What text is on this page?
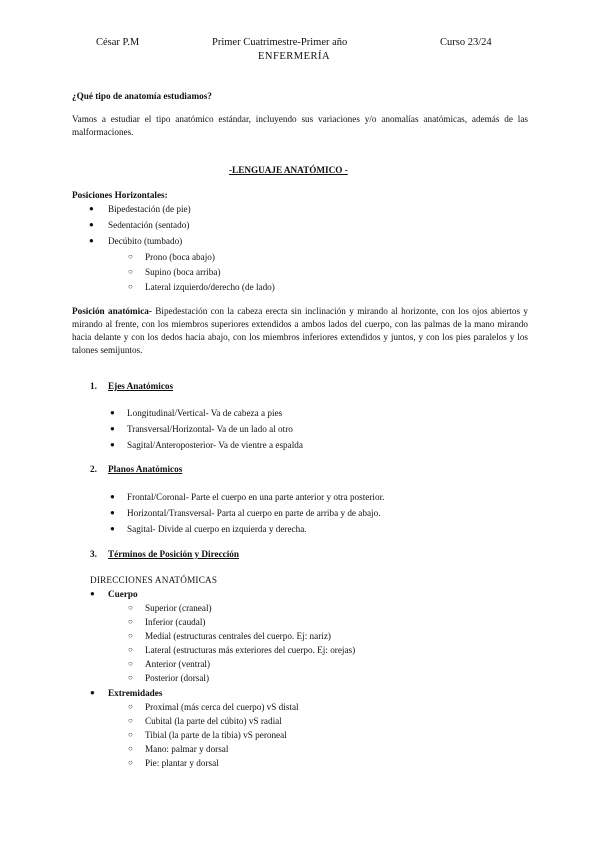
César P.M	Primer Cuatrimestre-Primer año	Curso 23/24
ENFERMERÍA
¿Qué tipo de anatomía estudiamos?
Vamos a estudiar el tipo anatómico estándar, incluyendo sus variaciones y/o anomalías anatómicas, además de las malformaciones.
-LENGUAJE ANATÓMICO -
Posiciones Horizontales:
● Bipedestación (de pie)
● Sedentación (sentado)
● Decúbito (tumbado)
○ Prono (boca abajo)
○ Supino (boca arriba)
○ Lateral izquierdo/derecho (de lado)
Posición anatómica- Bipedestación con la cabeza erecta sin inclinación y mirando al horizonte, con los ojos abiertos y mirando al frente, con los miembros superiores extendidos a ambos lados del cuerpo, con las palmas de la mano mirando hacia delante y con los dedos hacia abajo, con los miembros inferiores extendidos y juntos, y con los pies paralelos y los talones semijuntos.
1. Ejes Anatómicos
● Longitudinal/Vertical- Va de cabeza a pies
● Transversal/Horizontal- Va de un lado al otro
● Sagital/Anteroposterior- Va de vientre a espalda
2. Planos Anatómicos
● Frontal/Coronal- Parte el cuerpo en una parte anterior y otra posterior.
● Horizontal/Transversal- Parta al cuerpo en parte de arriba y de abajo.
● Sagital- Divide al cuerpo en izquierda y derecha.
3. Términos de Posición y Dirección
DIRECCIONES ANATÓMICAS
● Cuerpo
○ Superior (craneal)
○ Inferior (caudal)
○ Medial (estructuras centrales del cuerpo. Ej: nariz)
○ Lateral (estructuras más exteriores del cuerpo. Ej: orejas)
○ Anterior (ventral)
○ Posterior (dorsal)
● Extremidades
○ Proximal (más cerca del cuerpo) vS distal
○ Cubital (la parte del cúbito) vS radial
○ Tibial (la parte de la tibia) vS peroneal
○ Mano: palmar y dorsal
○ Pie: plantar y dorsal
